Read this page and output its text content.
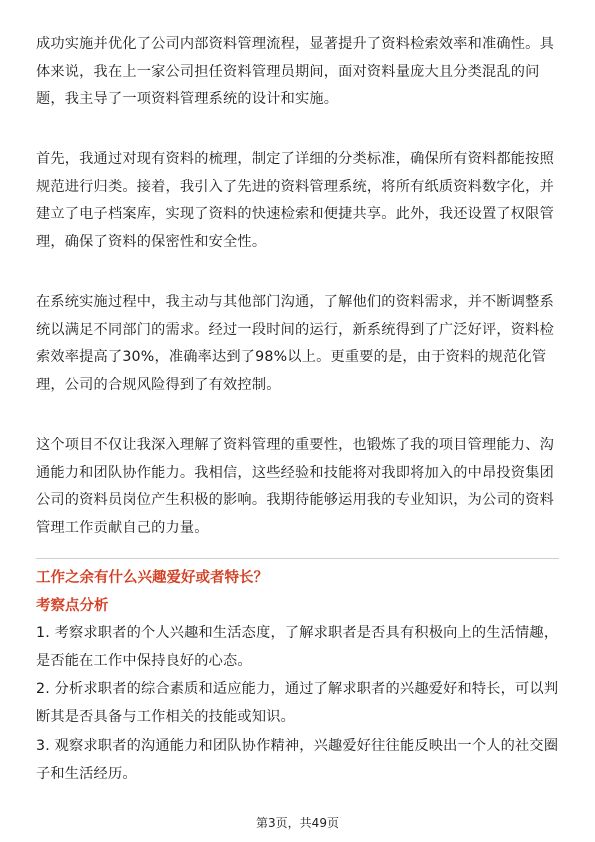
成功实施并优化了公司内部资料管理流程，显著提升了资料检索效率和准确性。具
体来说，我在上一家公司担任资料管理员期间，面对资料量庞大且分类混乱的问
题，我主导了一项资料管理系统的设计和实施。
首先，我通过对现有资料的梳理，制定了详细的分类标准，确保所有资料都能按照
规范进行归类。接着，我引入了先进的资料管理系统，将所有纸质资料数字化，并
建立了电子档案库，实现了资料的快速检索和便捷共享。此外，我还设置了权限管
理，确保了资料的保密性和安全性。
在系统实施过程中，我主动与其他部门沟通，了解他们的资料需求，并不断调整系
统以满足不同部门的需求。经过一段时间的运行，新系统得到了广泛好评，资料检
索效率提高了30%，准确率达到了98%以上。更重要的是，由于资料的规范化管
理，公司的合规风险得到了有效控制。
这个项目不仅让我深入理解了资料管理的重要性，也锻炼了我的项目管理能力、沟
通能力和团队协作能力。我相信，这些经验和技能将对我即将加入的中昂投资集团
公司的资料员岗位产生积极的影响。我期待能够运用我的专业知识，为公司的资料
管理工作贡献自己的力量。
工作之余有什么兴趣爱好或者特长？
考察点分析
1. 考察求职者的个人兴趣和生活态度，了解求职者是否具有积极向上的生活情趣，
是否能在工作中保持良好的心态。
2. 分析求职者的综合素质和适应能力，通过了解求职者的兴趣爱好和特长，可以判
断其是否具备与工作相关的技能或知识。
3. 观察求职者的沟通能力和团队协作精神，兴趣爱好往往能反映出一个人的社交圈
子和生活经历。
第3页，共49页
